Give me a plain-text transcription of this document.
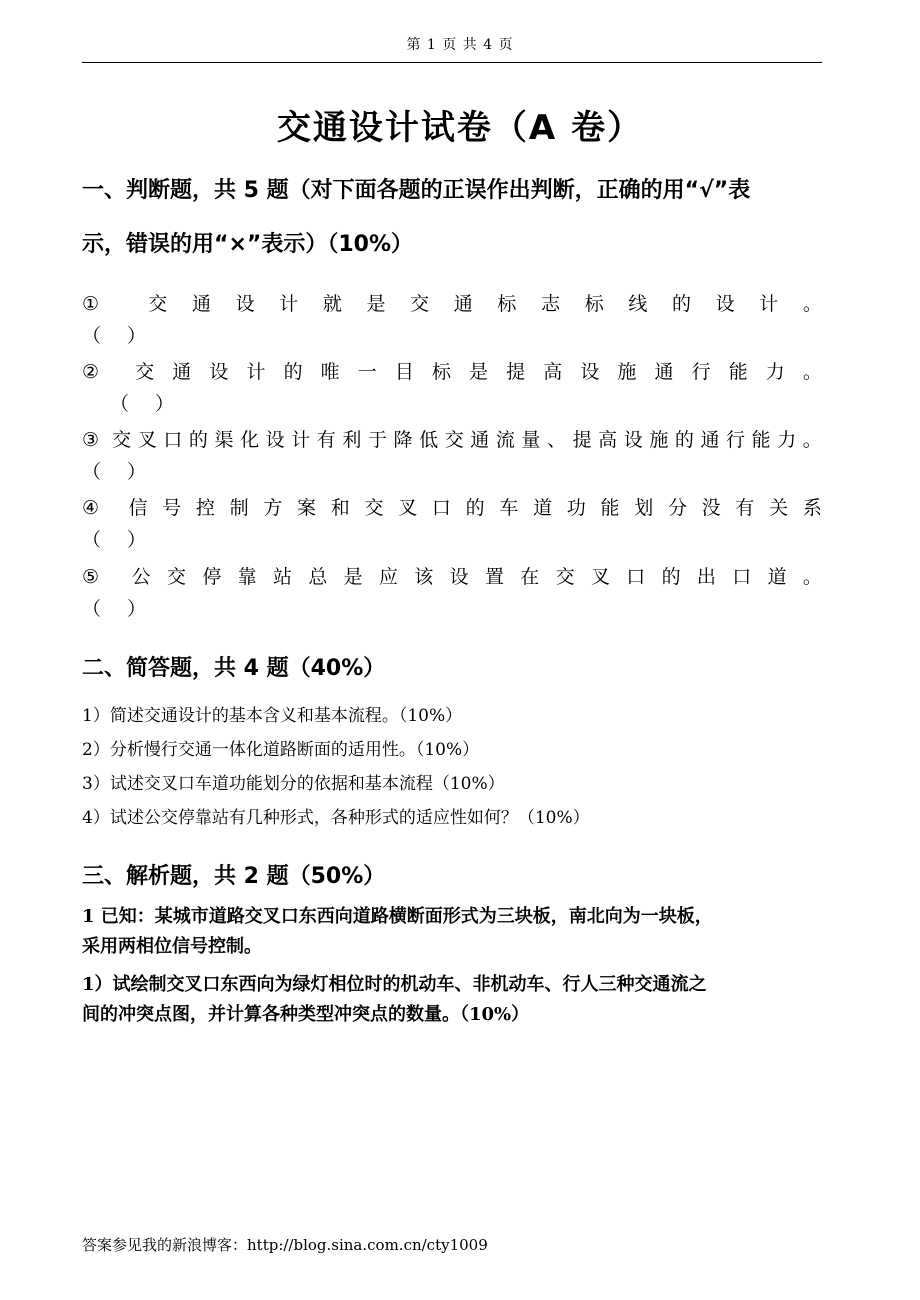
第 1 页 共 4 页
交通设计试卷（A 卷）
一、判断题，共 5 题（对下面各题的正误作出判断，正确的用“√”表
示，错误的用“×”表示）（10%）
①	交 通 设 计 就 是 交 通 标 志 标 线 的 设 计 。
（ ）
② 交 通 设 计 的 唯 一 目 标 是 提 高 设 施 通 行 能 力 。
（ ）
③ 交 叉 口 的 渠 化 设 计 有 利 于 降 低 交 通 流 量 、 提 高 设 施 的 通 行 能 力 。
（ ）
④ 信 号 控 制 方 案 和 交 叉 口 的 车 道 功 能 划 分 没 有 关 系
（ ）
⑤ 公 交 停 靠 站 总 是 应 该 设 置 在 交 叉 口 的 出 口 道 。
（ ）
二、简答题，共 4 题（40%）
1）简述交通设计的基本含义和基本流程。（10%）
2）分析慢行交通一体化道路断面的适用性。（10%）
3）试述交叉口车道功能划分的依据和基本流程（10%）
4）试述公交停靠站有几种形式，各种形式的适应性如何？（10%）
三、解析题，共 2 题（50%）
1 已知：某城市道路交叉口东西向道路横断面形式为三块板，南北向为一块板，
采用两相位信号控制。
1）试绘制交叉口东西向为绿灯相位时的机动车、非机动车、行人三种交通流之
间的冲突点图，并计算各种类型冲突点的数量。（10%）
答案参见我的新浪博客：http://blog.sina.com.cn/cty1009
